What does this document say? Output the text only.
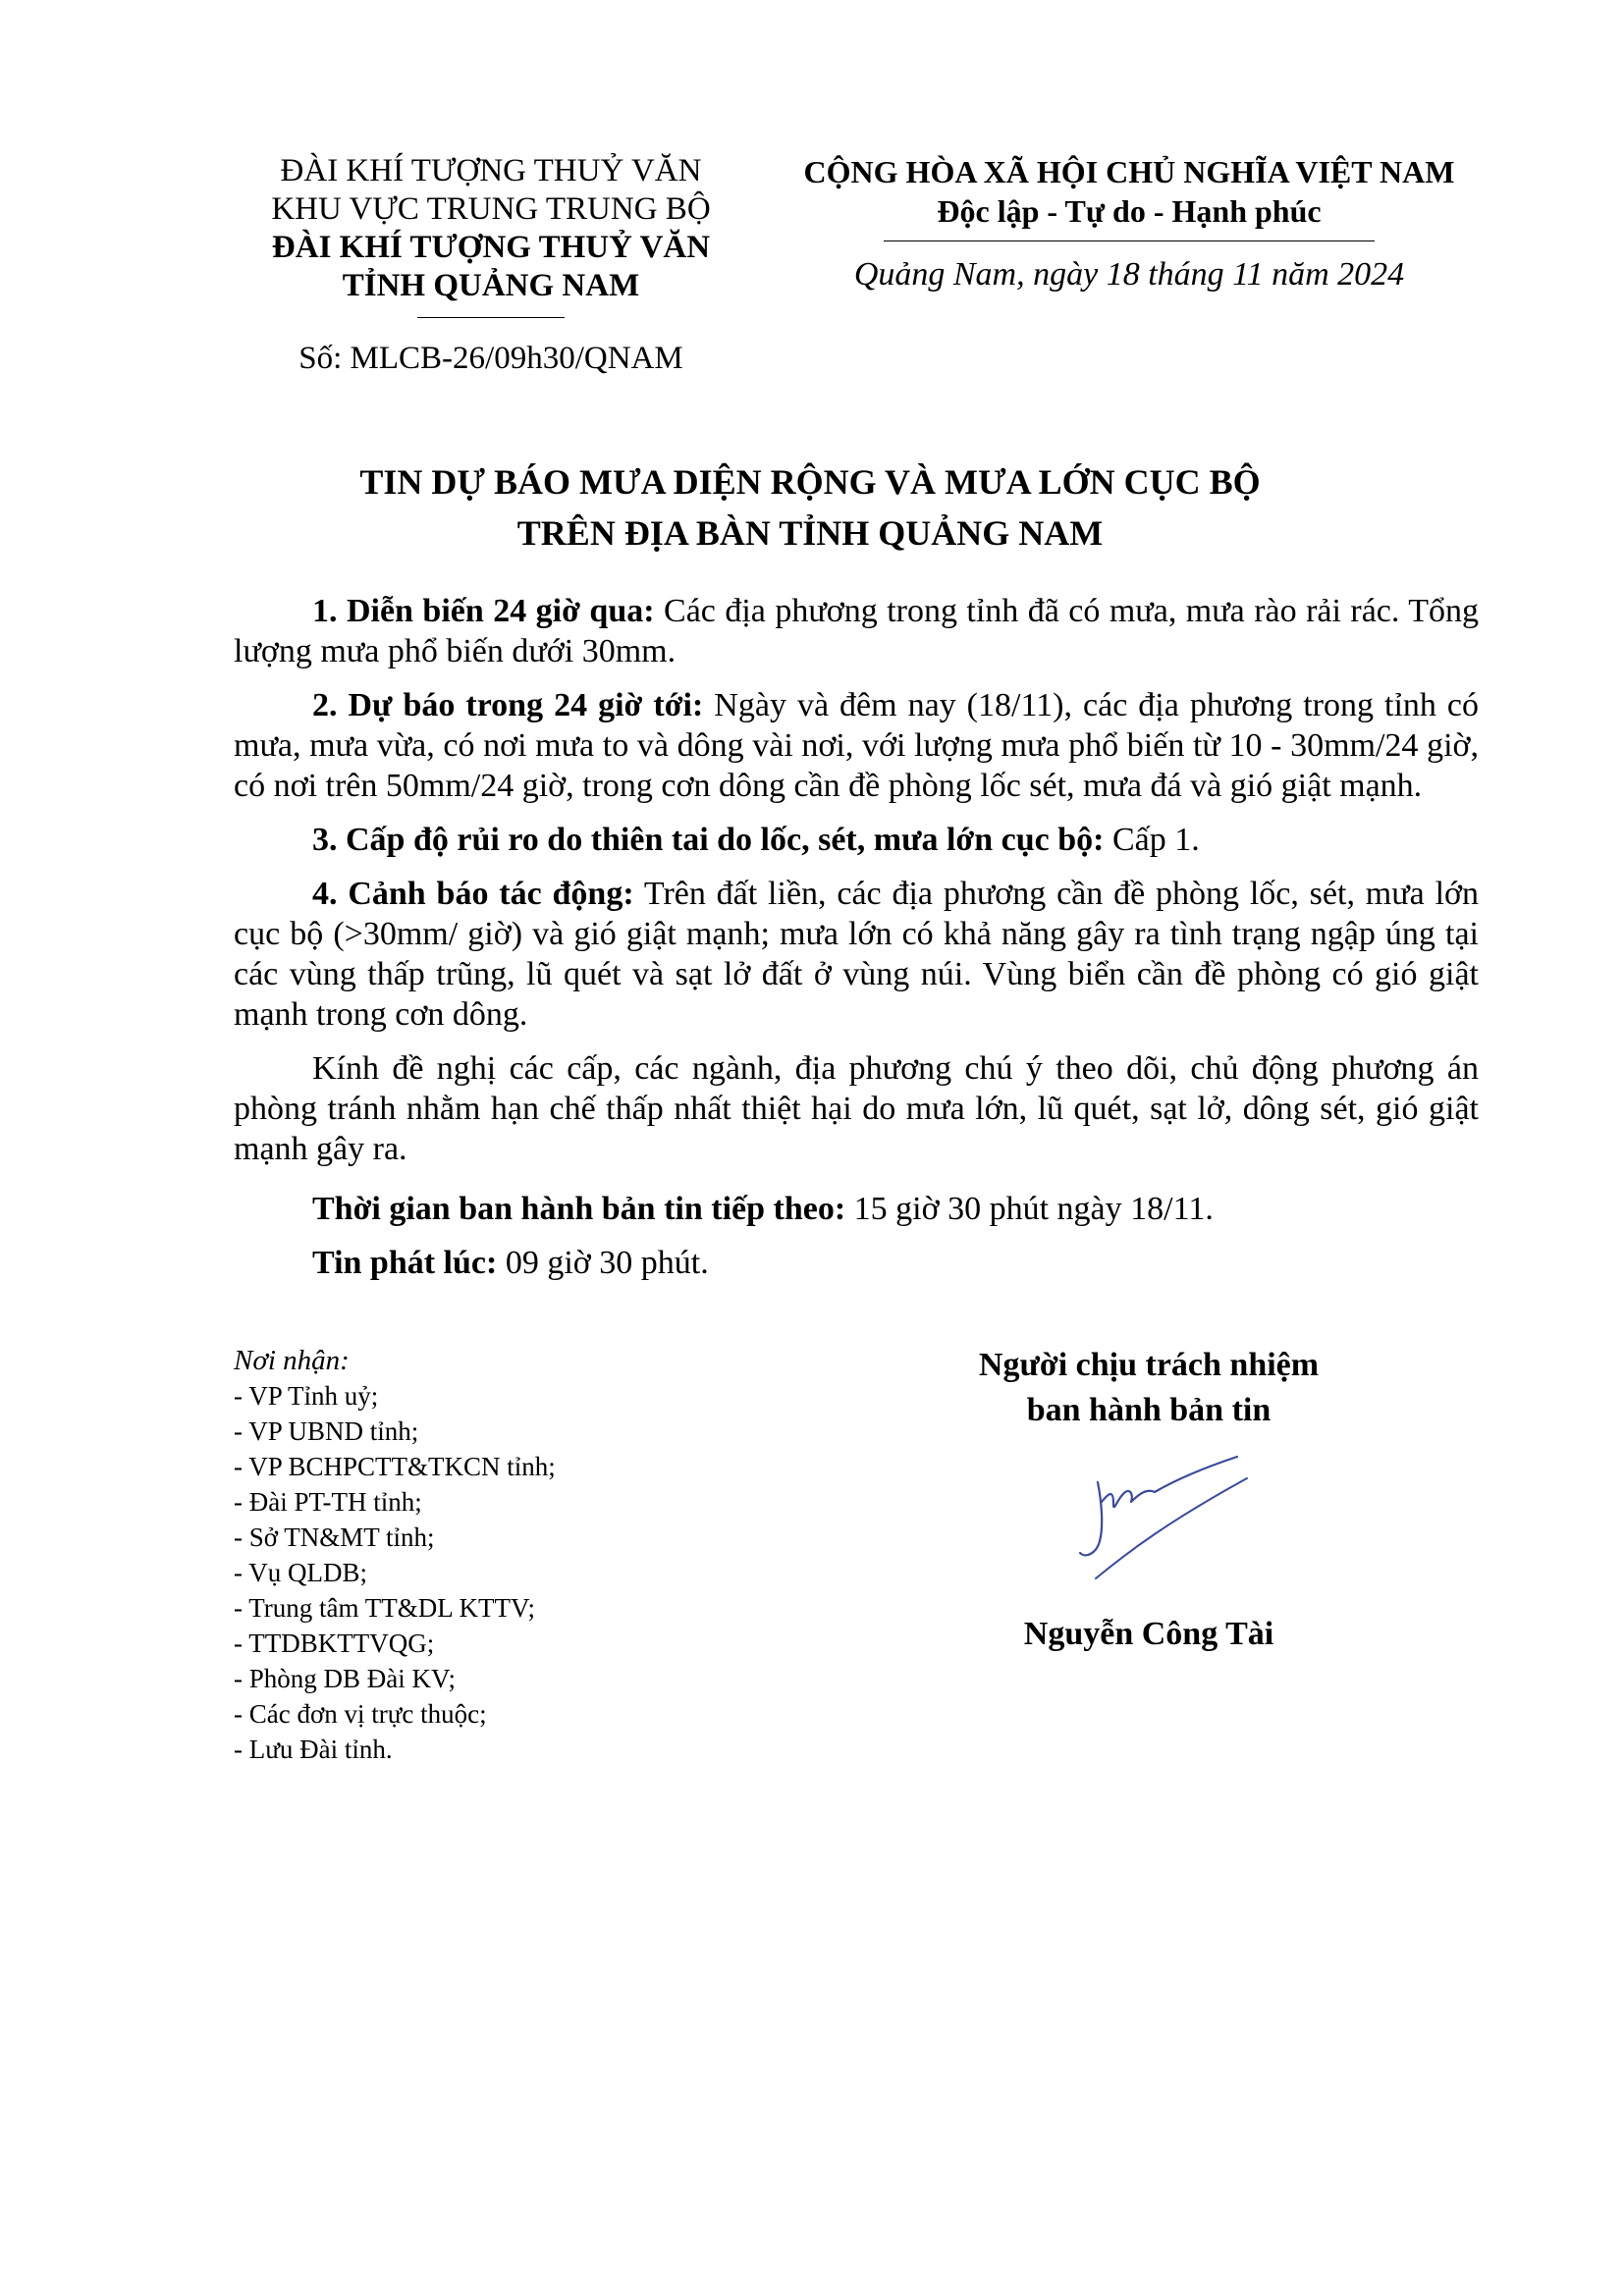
ĐÀI KHÍ TƯỢNG THUỶ VĂN
KHU VỰC TRUNG TRUNG BỘ
ĐÀI KHÍ TƯỢNG THUỶ VĂN
TỈNH QUẢNG NAM
Số: MLCB-26/09h30/QNAM
CỘNG HÒA XÃ HỘI CHỦ NGHĨA VIỆT NAM
Độc lập - Tự do - Hạnh phúc
Quảng Nam, ngày 18 tháng 11 năm 2024
TIN DỰ BÁO MƯA DIỆN RỘNG VÀ MƯA LỚN CỤC BỘ
TRÊN ĐỊA BÀN TỈNH QUẢNG NAM

1. Diễn biến 24 giờ qua: Các địa phương trong tỉnh đã có mưa, mưa rào rải rác. Tổng lượng mưa phổ biến dưới 30mm.

2. Dự báo trong 24 giờ tới: Ngày và đêm nay (18/11), các địa phương trong tỉnh có mưa, mưa vừa, có nơi mưa to và dông vài nơi, với lượng mưa phổ biến từ 10 - 30mm/24 giờ, có nơi trên 50mm/24 giờ, trong cơn dông cần đề phòng lốc sét, mưa đá và gió giật mạnh.

3. Cấp độ rủi ro do thiên tai do lốc, sét, mưa lớn cục bộ: Cấp 1.

4. Cảnh báo tác động: Trên đất liền, các địa phương cần đề phòng lốc, sét, mưa lớn cục bộ (>30mm/ giờ) và gió giật mạnh; mưa lớn có khả năng gây ra tình trạng ngập úng tại các vùng thấp trũng, lũ quét và sạt lở đất ở vùng núi. Vùng biển cần đề phòng có gió giật mạnh trong cơn dông.

Kính đề nghị các cấp, các ngành, địa phương chú ý theo dõi, chủ động phương án phòng tránh nhằm hạn chế thấp nhất thiệt hại do mưa lớn, lũ quét, sạt lở, dông sét, gió giật mạnh gây ra.

Thời gian ban hành bản tin tiếp theo: 15 giờ 30 phút ngày 18/11.

Tin phát lúc: 09 giờ 30 phút.

Nơi nhận:
- VP Tỉnh uỷ;
- VP UBND tỉnh;
- VP BCHPCTT&TKCN tỉnh;
- Đài PT-TH tỉnh;
- Sở TN&MT tỉnh;
- Vụ QLDB;
- Trung tâm TT&DL KTTV;
- TTDBKTTVQG;
- Phòng DB Đài KV;
- Các đơn vị trực thuộc;
- Lưu Đài tỉnh.
Người chịu trách nhiệm
ban hành bản tin
Nguyễn Công Tài
